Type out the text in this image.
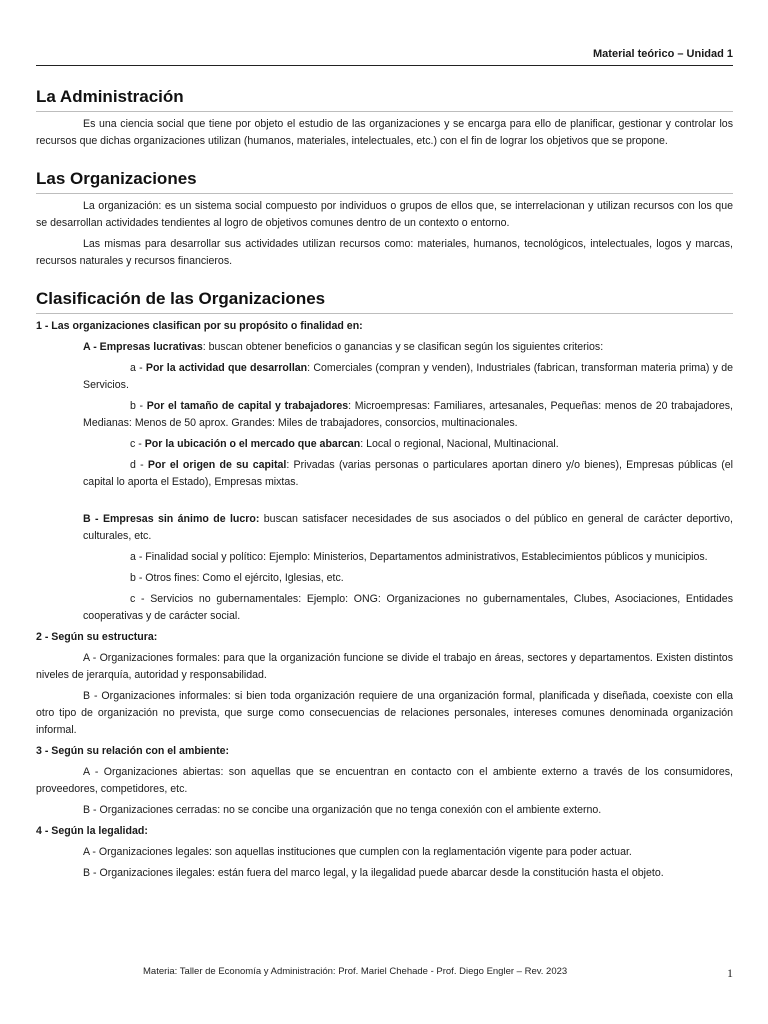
Material teórico – Unidad 1
La Administración

Es una ciencia social que tiene por objeto el estudio de las organizaciones y se encarga para ello de planificar, gestionar y controlar los recursos que dichas organizaciones utilizan (humanos, materiales, intelectuales, etc.) con el fin de lograr los objetivos que se propone.

Las Organizaciones

La organización: es un sistema social compuesto por individuos o grupos de ellos que, se interrelacionan y utilizan recursos con los que se desarrollan actividades tendientes al logro de objetivos comunes dentro de un contexto o entorno.

Las mismas para desarrollar sus actividades utilizan recursos como: materiales, humanos, tecnológicos, intelectuales, logos y marcas, recursos naturales y recursos financieros.

Clasificación de las Organizaciones

1 - Las organizaciones clasifican por su propósito o finalidad en:

A - Empresas lucrativas: buscan obtener beneficios o ganancias y se clasifican según los siguientes criterios:

a - Por la actividad que desarrollan: Comerciales (compran y venden), Industriales (fabrican, transforman materia prima) y de Servicios.

b - Por el tamaño de capital y trabajadores: Microempresas: Familiares, artesanales, Pequeñas: menos de 20 trabajadores, Medianas: Menos de 50 aprox. Grandes: Miles de trabajadores, consorcios, multinacionales.

c - Por la ubicación o el mercado que abarcan: Local o regional, Nacional, Multinacional.

d - Por el origen de su capital: Privadas (varias personas o particulares aportan dinero y/o bienes), Empresas públicas (el capital lo aporta el Estado), Empresas mixtas.

B - Empresas sin ánimo de lucro: buscan satisfacer necesidades de sus asociados o del público en general de carácter deportivo, culturales, etc.

a - Finalidad social y político: Ejemplo: Ministerios, Departamentos administrativos, Establecimientos públicos y municipios.

b - Otros fines: Como el ejército, Iglesias, etc.

c - Servicios no gubernamentales: Ejemplo: ONG: Organizaciones no gubernamentales, Clubes, Asociaciones, Entidades cooperativas y de carácter social.

2 - Según su estructura:

A - Organizaciones formales: para que la organización funcione se divide el trabajo en áreas, sectores y departamentos. Existen distintos niveles de jerarquía, autoridad y responsabilidad.

B - Organizaciones informales: si bien toda organización requiere de una organización formal, planificada y diseñada, coexiste con ella otro tipo de organización no prevista, que surge como consecuencias de relaciones personales, intereses comunes denominada organización informal.

3 - Según su relación con el ambiente:

A - Organizaciones abiertas: son aquellas que se encuentran en contacto con el ambiente externo a través de los consumidores, proveedores, competidores, etc.

B - Organizaciones cerradas: no se concibe una organización que no tenga conexión con el ambiente externo.

4 - Según la legalidad:

A - Organizaciones legales: son aquellas instituciones que cumplen con la reglamentación vigente para poder actuar.

B - Organizaciones ilegales: están fuera del marco legal, y la ilegalidad puede abarcar desde la constitución hasta el objeto.

Materia: Taller de Economía y Administración: Prof. Mariel Chehade - Prof. Diego Engler – Rev. 2023	1
